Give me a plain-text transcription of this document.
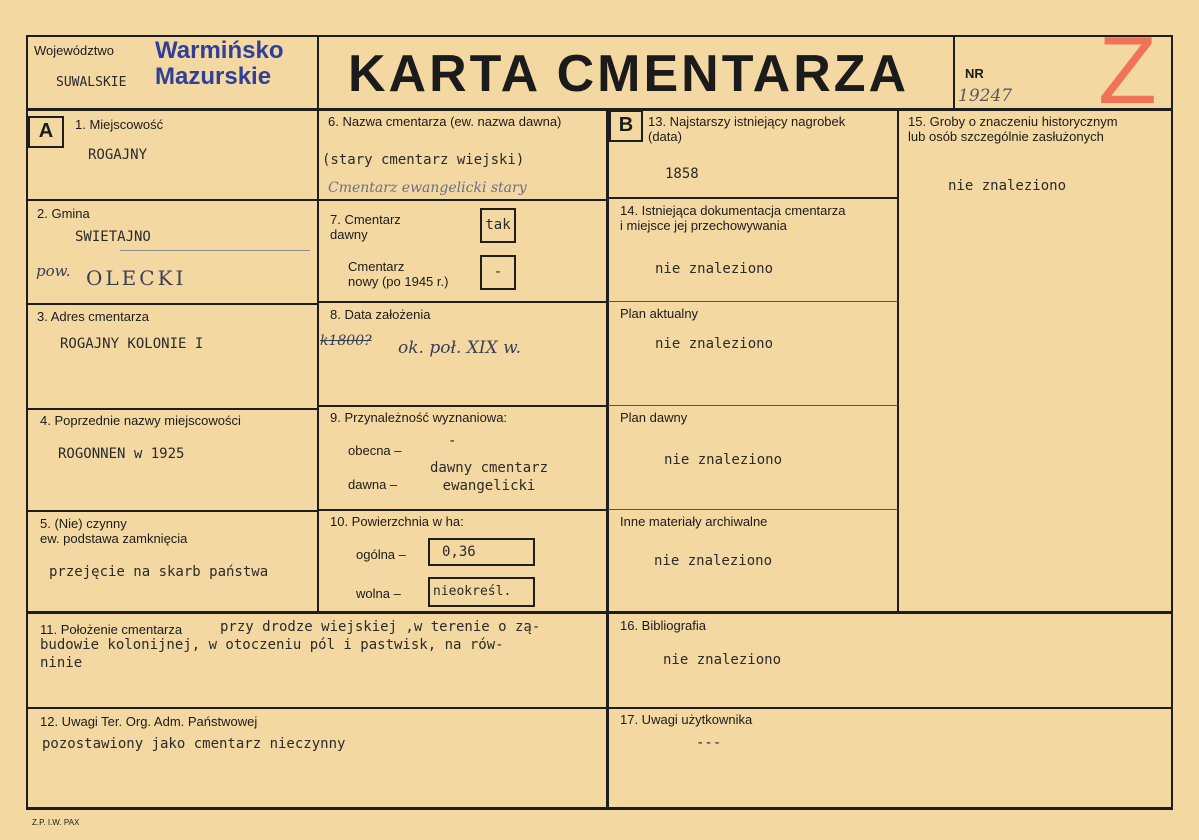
Województwo
SUWALSKIE
Warmińsko
Mazurskie KARTA CMENTARZA	NR
19247 Z
A	B
1. Miejscowość
ROGAJNY
2. Gmina
SWIETAJNO
pow. OLECKI
3. Adres cmentarza
ROGAJNY KOLONIE I
4. Poprzednie nazwy miejscowości
ROGONNEN w 1925
5. (Nie) czynny
ew. podstawa zamknięcia
przejęcie na skarb państwa
6. Nazwa cmentarza (ew. nazwa dawna)
(stary cmentarz wiejski)
Cmentarz ewangelicki stary
7. Cmentarz
dawny
tak
Cmentarz
nowy (po 1945 r.)
-
8. Data założenia
k1800? ok. poł. XIX w.
9. Przynależność wyznaniowa:
obecna –
-
dawna –
dawny cmentarz
ewangelicki
10. Powierzchnia w ha:
ogólna –	0,36
wolna – nieokreśl.
11. Położenie cmentarza	przy drodze wiejskiej ,w terenie o zą-
budowie kolonijnej, w otoczeniu pól i pastwisk, na rów-
ninie
12. Uwagi Ter. Org. Adm. Państwowej
pozostawiony jako cmentarz nieczynny
13. Najstarszy istniejący nagrobek
(data)
1858
14. Istniejąca dokumentacja cmentarza
i miejsce jej przechowywania
nie znaleziono
Plan aktualny
nie znaleziono
Plan dawny
nie znaleziono
Inne materiały archiwalne
nie znaleziono
15. Groby o znaczeniu historycznym
lub osób szczególnie zasłużonych
nie znaleziono
16. Bibliografia
nie znaleziono
17. Uwagi użytkownika
---
Z.P. I.W. PAX
